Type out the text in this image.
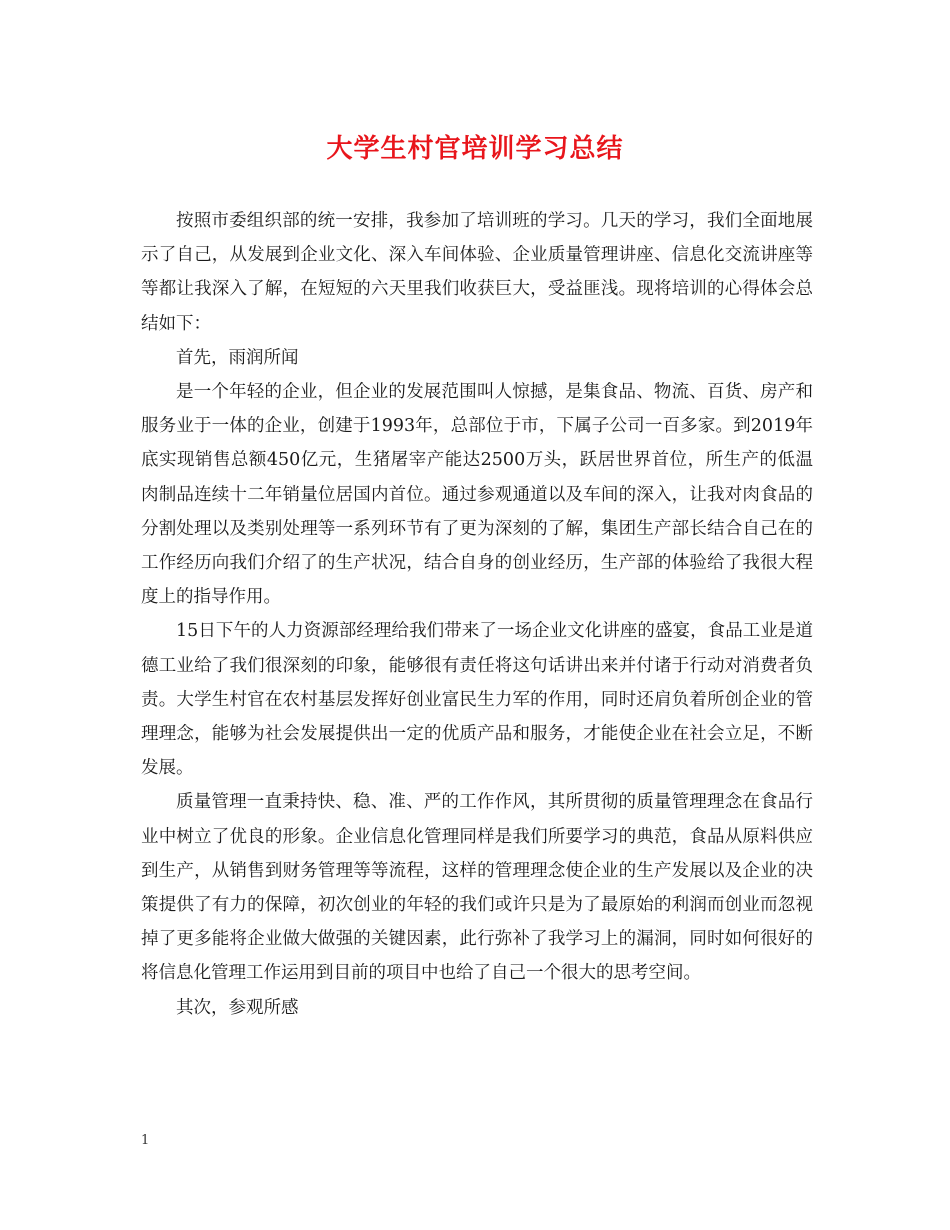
大学生村官培训学习总结

按照市委组织部的统一安排，我参加了培训班的学习。几天的学习，我们全面地展示了自己，从发展到企业文化、深入车间体验、企业质量管理讲座、信息化交流讲座等等都让我深入了解，在短短的六天里我们收获巨大，受益匪浅。现将培训的心得体会总结如下：

首先，雨润所闻

是一个年轻的企业，但企业的发展范围叫人惊撼，是集食品、物流、百货、房产和服务业于一体的企业，创建于1993年，总部位于市，下属子公司一百多家。到2019年底实现销售总额450亿元，生猪屠宰产能达2500万头，跃居世界首位，所生产的低温肉制品连续十二年销量位居国内首位。通过参观通道以及车间的深入，让我对肉食品的分割处理以及类别处理等一系列环节有了更为深刻的了解，集团生产部长结合自己在的工作经历向我们介绍了的生产状况，结合自身的创业经历，生产部的体验给了我很大程度上的指导作用。

15日下午的人力资源部经理给我们带来了一场企业文化讲座的盛宴，食品工业是道德工业给了我们很深刻的印象，能够很有责任将这句话讲出来并付诸于行动对消费者负责。大学生村官在农村基层发挥好创业富民生力军的作用，同时还肩负着所创企业的管理理念，能够为社会发展提供出一定的优质产品和服务，才能使企业在社会立足，不断发展。

质量管理一直秉持快、稳、准、严的工作作风，其所贯彻的质量管理理念在食品行业中树立了优良的形象。企业信息化管理同样是我们所要学习的典范，食品从原料供应到生产，从销售到财务管理等等流程，这样的管理理念使企业的生产发展以及企业的决策提供了有力的保障，初次创业的年轻的我们或许只是为了最原始的利润而创业而忽视掉了更多能将企业做大做强的关键因素，此行弥补了我学习上的漏洞，同时如何很好的将信息化管理工作运用到目前的项目中也给了自己一个很大的思考空间。

其次，参观所感

1
